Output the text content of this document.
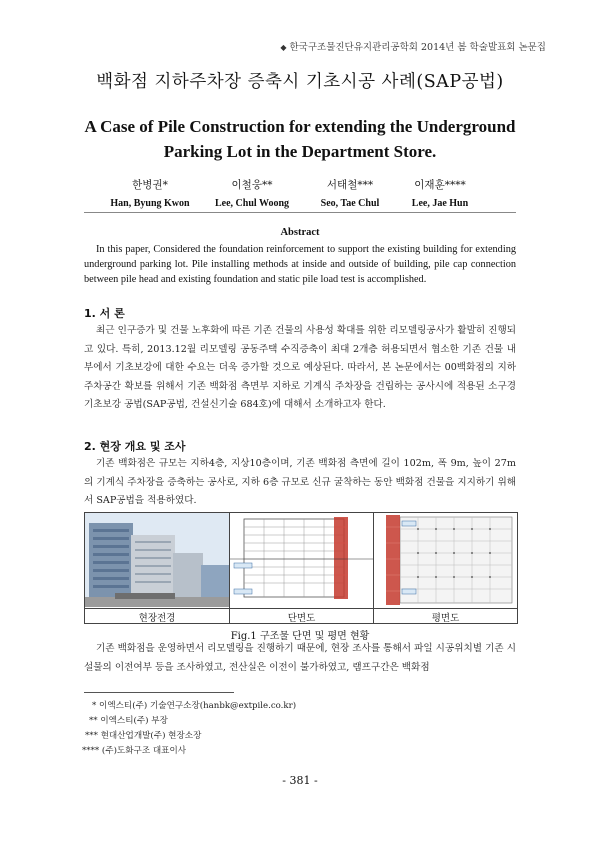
◆ 한국구조물진단유지관리공학회 2014년 봄 학술발표회 논문집
백화점 지하주차장 증축시 기초시공 사례(SAP공법)
A Case of Pile Construction for extending the Underground Parking Lot in the Department Store.
한병권*
Han, Byung Kwon
이철웅**
Lee, Chul Woong
서태철***
Seo, Tae Chul
이재훈****
Lee, Jae Hun
Abstract
In this paper, Considered the foundation reinforcement to support the existing building for extending underground parking lot. Pile installing methods at inside and outside of building, pile cap connection between pile head and existing foundation and static pile load test is accomplished.
1. 서 론
최근 인구증가 및 건물 노후화에 따른 기존 건물의 사용성 확대를 위한 리모델링공사가 활발히 진행되고 있다. 특히, 2013.12월 리모델링 공동주택 수직증축이 최대 2개층 허용되면서 협소한 기존 건물 내부에서 기초보강에 대한 수요는 더욱 증가할 것으로 예상된다. 따라서, 본 논문에서는 00백화점의 지하주차공간 확보를 위해서 기존 백화점 측면부 지하로 기계식 주차장을 건립하는 공사시에 적용된 소구경 기초보강 공법(SAP공법, 건설신기술 684호)에 대해서 소개하고자 한다.
2. 현장 개요 및 조사
기존 백화점은 규모는 지하4층, 지상10층이며, 기존 백화점 측면에 길이 102m, 폭 9m, 높이 27m의 기계식 주차장을 증축하는 공사로, 지하 6층 규모로 신규 굴착하는 동안 백화점 건물을 지지하기 위해서 SAP공법을 적용하였다.
현장전경	단면도	평면도
Fig.1 구조물 단면 및 평면 현황
기존 백화점을 운영하면서 리모델링을 진행하기 때문에, 현장 조사를 통해서 파일 시공위치별 기존 시설물의 이전여부 등을 조사하였고, 전산실은 이전이 불가하였고, 램프구간은 백화점
* 이엑스티(주) 기술연구소장(hanbk@extpile.co.kr)
** 이엑스티(주) 부장
*** 현대산업개발(주) 현장소장
**** (주)도화구조 대표이사
- 381 -
